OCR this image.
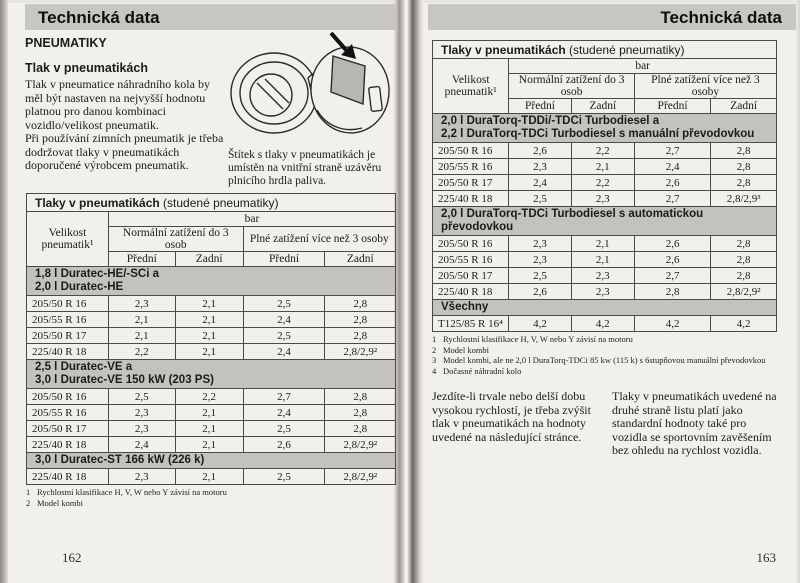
Technická data	Technická data
PNEUMATIKY
Tlak v pneumatikách
Tlak v pneumatice náhradního kola by měl být nastaven na nejvyšší hodnotu platnou pro danou kombinaci vozidlo/velikost pneumatik.
Při používání zimních pneumatik je třeba dodržovat tlaky v pneumatikách doporučené výrobcem pneumatik.
Štítek s tlaky v pneumatikách je umístěn na vnitřní straně uzávěru plnicího hrdla paliva.
Tlaky v pneumatikách (studené pneumatiky)				
Velikost pneumatik¹	bar			
	Normální zatížení do 3 osob		Plné zatížení více než 3 osoby	
	Přední	Zadní	Přední	Zadní

1,8 l Duratec-HE/-SCi a
2,0 l Duratec-HE				

205/50 R 16	2,3	2,1	2,5	2,8
205/55 R 16	2,1	2,1	2,4	2,8
205/50 R 17	2,1	2,1	2,5	2,8
225/40 R 18	2,2	2,1	2,4	2,8/2,9²

2,5 l Duratec-VE a
3,0 l Duratec-VE 150 kW (203 PS)				

205/50 R 16	2,5	2,2	2,7	2,8
205/55 R 16	2,3	2,1	2,4	2,8
205/50 R 17	2,3	2,1	2,5	2,8
225/40 R 18	2,4	2,1	2,6	2,8/2,9²

3,0 l Duratec-ST 166 kW (226 k)				

225/40 R 18	2,3	2,1	2,5	2,8/2,9²
1 Rychlostní klasifikace H, V, W nebo Y závisí na motoru
2 Model kombi
162
Tlaky v pneumatikách (studené pneumatiky)				
Velikost pneumatik¹	bar			
	Normální zatížení do 3 osob		Plné zatížení více než 3 osoby	
	Přední	Zadní	Přední	Zadní

2,0 l DuraTorq-TDDi/-TDCi Turbodiesel a
2,2 l DuraTorq-TDCi Turbodiesel s manuální převodovkou				

205/50 R 16	2,6	2,2	2,7	2,8
205/55 R 16	2,3	2,1	2,4	2,8
205/50 R 17	2,4	2,2	2,6	2,8
225/40 R 18	2,5	2,3	2,7	2,8/2,9³

2,0 l DuraTorq-TDCi Turbodiesel s automatickou převodovkou				

205/50 R 16	2,3	2,1	2,6	2,8
205/55 R 16	2,3	2,1	2,6	2,8
205/50 R 17	2,5	2,3	2,7	2,8
225/40 R 18	2,6	2,3	2,8	2,8/2,9²

Všechny				

T125/85 R 16⁴	4,2	4,2	4,2	4,2
1 Rychlostní klasifikace H, V, W nebo Y závisí na motoru
2 Model kombi
3 Model kombi, ale ne 2,0 l DuraTorq-TDCi 85 kw (115 k) s 6stupňovou manuální převodovkou
4 Dočasné náhradní kolo
Jezdíte-li trvale nebo delší dobu vysokou rychlostí, je třeba zvýšit tlak v pneumatikách na hodnoty uvedené na následující stránce.
Tlaky v pneumatikách uvedené na druhé straně listu platí jako standardní hodnoty také pro vozidla se sportovním zavěšením bez ohledu na rychlost vozidla.
163
